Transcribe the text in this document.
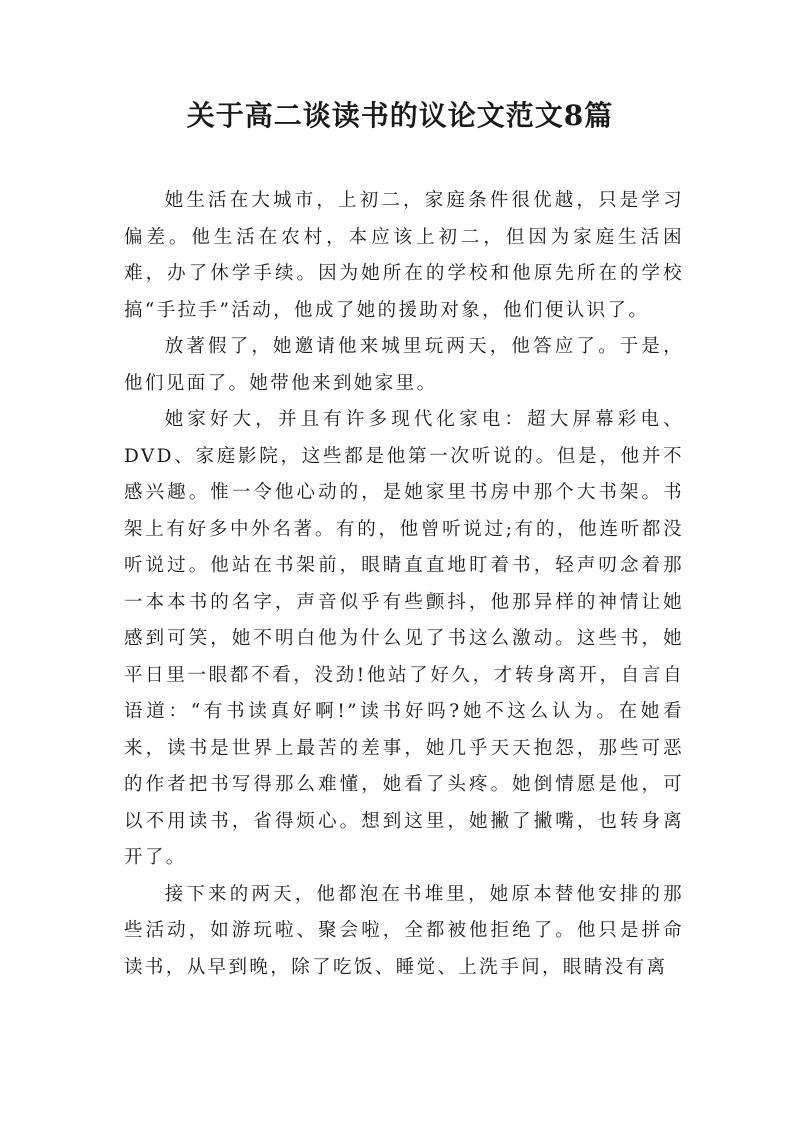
关于高二谈读书的议论文范文8篇

她生活在大城市，上初二，家庭条件很优越，只是学习偏差。他生活在农村，本应该上初二，但因为家庭生活困难，办了休学手续。因为她所在的学校和他原先所在的学校搞“手拉手”活动，他成了她的援助对象，他们便认识了。

放著假了，她邀请他来城里玩两天，他答应了。于是，他们见面了。她带他来到她家里。

她家好大，并且有许多现代化家电：超大屏幕彩电、DVD、家庭影院，这些都是他第一次听说的。但是，他并不感兴趣。惟一令他心动的，是她家里书房中那个大书架。书架上有好多中外名著。有的，他曾听说过;有的，他连听都没听说过。他站在书架前，眼睛直直地盯着书，轻声叨念着那一本本书的名字，声音似乎有些颤抖，他那异样的神情让她感到可笑，她不明白他为什么见了书这么激动。这些书，她平日里一眼都不看，没劲!他站了好久，才转身离开，自言自语道：“有书读真好啊!”读书好吗?她不这么认为。在她看来，读书是世界上最苦的差事，她几乎天天抱怨，那些可恶的作者把书写得那么难懂，她看了头疼。她倒情愿是他，可以不用读书，省得烦心。想到这里，她撇了撇嘴，也转身离开了。

接下来的两天，他都泡在书堆里，她原本替他安排的那些活动，如游玩啦、聚会啦，全都被他拒绝了。他只是拼命读书，从早到晚，除了吃饭、睡觉、上洗手间，眼睛没有离
